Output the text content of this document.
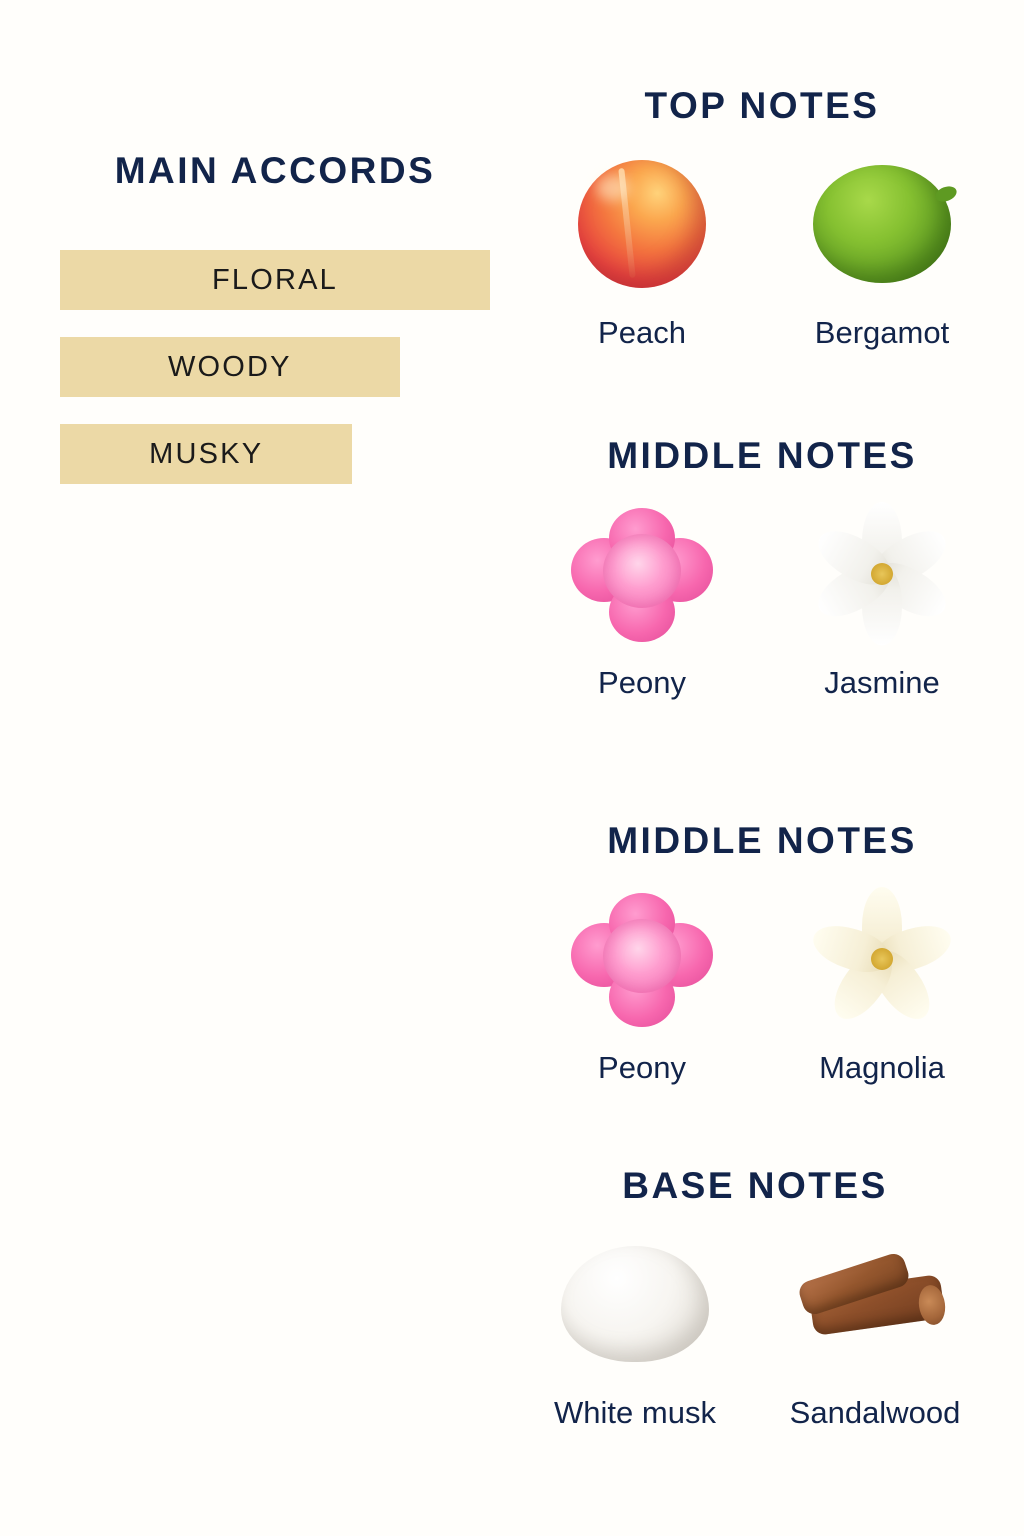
MAIN ACCORDS
FLORAL
WOODY
MUSKY
TOP NOTES
Peach	Bergamot
MIDDLE NOTES
Peony	Jasmine
MIDDLE NOTES
Peony	Magnolia
BASE NOTES
White musk Sandalwood
